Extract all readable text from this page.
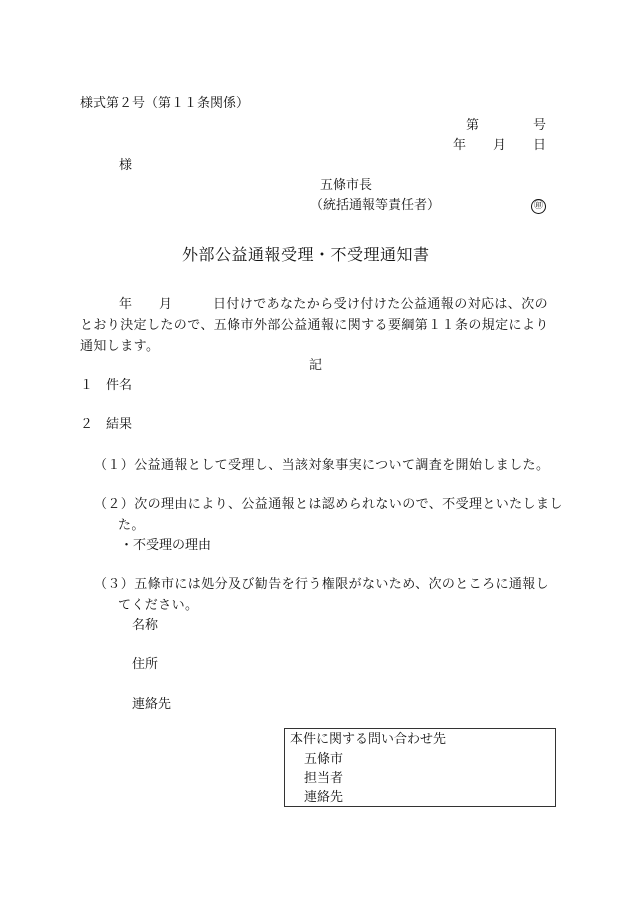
様式第２号（第１１条関係）
第	号
年 月 日
様
五條市長
（統括通報等責任者）	㊞
外部公益通報受理・不受理通知書
年 月	日付けであなたから受け付けた公益通報の対応は、次の
とおり決定したので、五條市外部公益通報に関する要綱第１１条の規定により
通知します。
記
１　件名
２　結果
（１）公益通報として受理し、当該対象事実について調査を開始しました。
（２）次の理由により、公益通報とは認められないので、不受理といたしまし
た。
・不受理の理由
（３）五條市には処分及び勧告を行う権限がないため、次のところに通報し
てください。
名称
住所
連絡先
本件に関する問い合わせ先
五條市
担当者
連絡先
